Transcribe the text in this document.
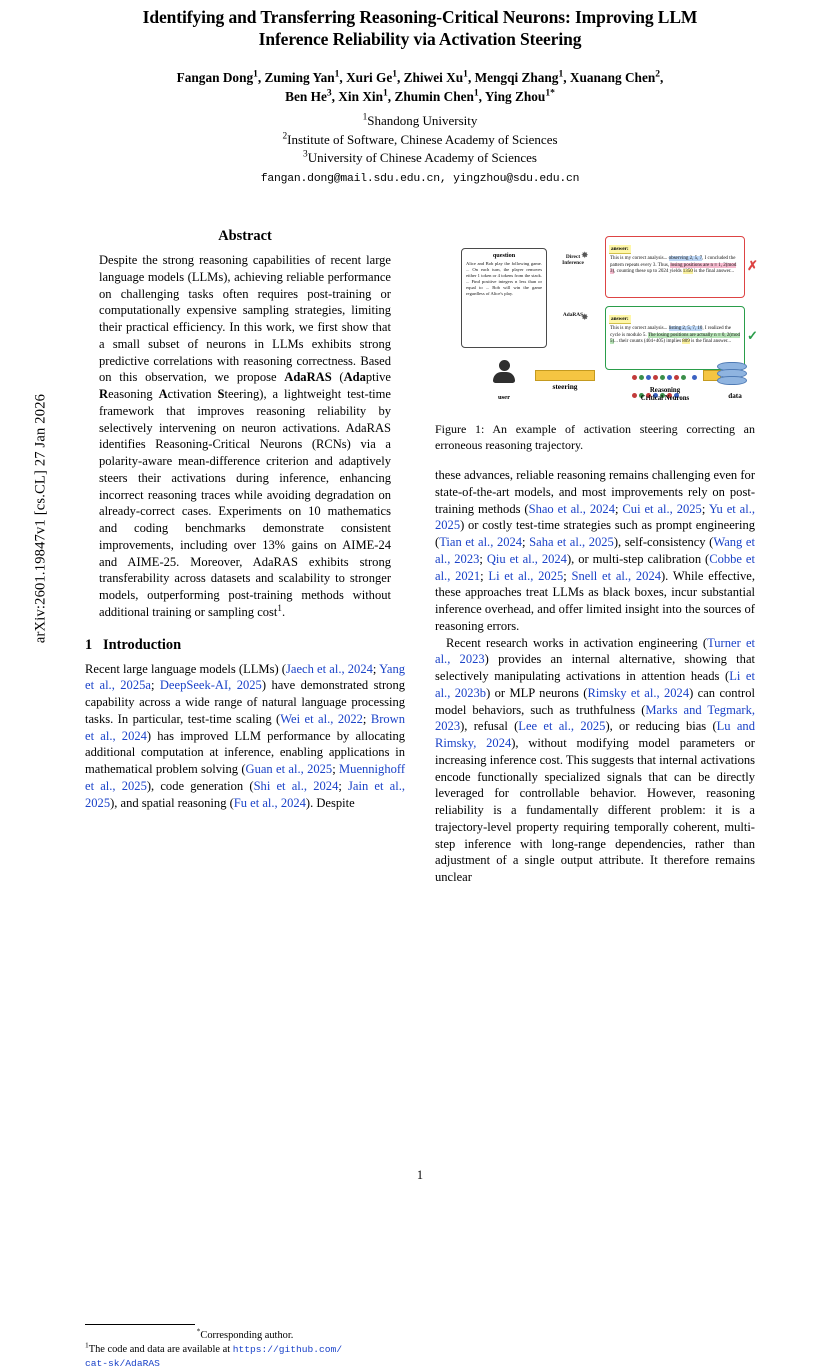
arXiv:2601.19847v1 [cs.CL] 27 Jan 2026
Identifying and Transferring Reasoning-Critical Neurons: Improving LLM
Inference Reliability via Activation Steering
Fangan Dong$^1$, Zuming Yan$^1$, Xuri Ge$^1$, Zhiwei Xu$^1$, Mengqi Zhang$^1$, Xuanang Chen$^2$,
Ben He$^3$, Xin Xin$^1$, Zhumin Chen$^1$, Ying Zhou$^{1*}$
$^1$Shandong University
$^2$Institute of Software, Chinese Academy of Sciences
$^3$University of Chinese Academy of Sciences
fangan.dong@mail.sdu.edu.cn, yingzhou@sdu.edu.cn
Abstract

Despite the strong reasoning capabilities of recent large language models (LLMs), achieving reliable performance on challenging tasks often requires post-training or computationally expensive sampling strategies, limiting their practical efficiency. In this work, we first show that a small subset of neurons in LLMs exhibits strong predictive correlations with reasoning correctness. Based on this observation, we propose AdaRAS (Adaptive Reasoning Activation Steering), a lightweight test-time framework that improves reasoning reliability by selectively intervening on neuron activations. AdaRAS identifies Reasoning-Critical Neurons (RCNs) via a polarity-aware mean-difference criterion and adaptively steers their activations during inference, enhancing incorrect reasoning traces while avoiding degradation on already-correct cases. Experiments on 10 mathematics and coding benchmarks demonstrate consistent improvements, including over 13% gains on AIME-24 and AIME-25. Moreover, AdaRAS exhibits strong transferability across datasets and scalability to stronger models, outperforming post-training methods without additional training or sampling cost$^1$.

1   Introduction

Recent large language models (LLMs) (Jaech et al., 2024; Yang et al., 2025a; DeepSeek-AI, 2025) have demonstrated strong capability across a wide range of natural language processing tasks. In particular, test-time scaling (Wei et al., 2022; Brown et al., 2024) has improved LLM performance by allocating additional computation at inference, enabling applications in mathematical problem solving (Guan et al., 2025; Muennighoff et al., 2025), code generation (Shi et al., 2024; Jain et al., 2025), and spatial reasoning (Fu et al., 2024). Despite

*Corresponding author.
$^1$The code and data are available at https://github.com/
cat-sk/AdaRAS
question
Alice and Bob play the following game. ... On each turn, the player removes either 1 token or 4 tokens from the stack. ... Find positive integers n less than or equal to ... Bob will win the game regardless of Alice's play.
Direct
Inference
AdaRAS
✸
✸
answer:
This is my correct analysis... observing 2, 5, 7, I concluded the pattern repeats every 3. Thus, losing positions are n ≡ 1, 2(mod 3), counting these up to 2024 yields 1350 is the final answer... ✗
answer:
This is my correct analysis... listing 2, 5, 7, 10, I realized the cycle is modulo 5. The losing positions are actually n ≡ 0, 2(mod 5)... their counts (404+405) implies 809 is the final answer...	✓
user
steering
	Reasoning
Critical Neurons	data
Figure 1: An example of activation steering correcting an erroneous reasoning trajectory.

these advances, reliable reasoning remains challenging even for state-of-the-art models, and most improvements rely on post-training methods (Shao et al., 2024; Cui et al., 2025; Yu et al., 2025) or costly test-time strategies such as prompt engineering (Tian et al., 2024; Saha et al., 2025), self-consistency (Wang et al., 2023; Qiu et al., 2024), or multi-step calibration (Cobbe et al., 2021; Li et al., 2025; Snell et al., 2024). While effective, these approaches treat LLMs as black boxes, incur substantial inference overhead, and offer limited insight into the sources of reasoning errors.

Recent research works in activation engineering (Turner et al., 2023) provides an internal alternative, showing that selectively manipulating activations in attention heads (Li et al., 2023b) or MLP neurons (Rimsky et al., 2024) can control model behaviors, such as truthfulness (Marks and Tegmark, 2023), refusal (Lee et al., 2025), or reducing bias (Lu and Rimsky, 2024), without modifying model parameters or increasing inference cost. This suggests that internal activations encode functionally specialized signals that can be directly leveraged for controllable behavior. However, reasoning reliability is a fundamentally different problem: it is a trajectory-level property requiring temporally coherent, multi-step inference with long-range dependencies, rather than adjustment of a single output attribute. It therefore remains unclear

1
